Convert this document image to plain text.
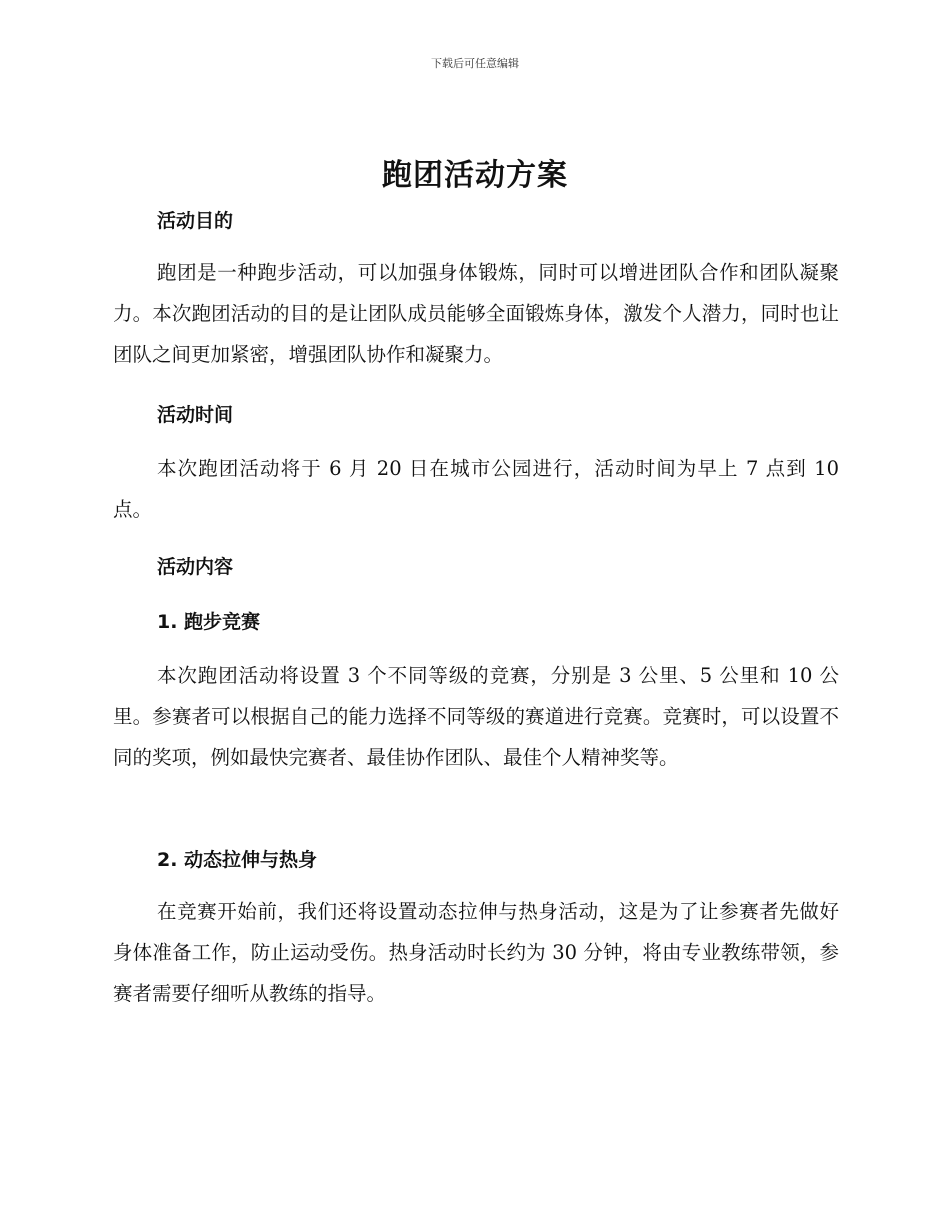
下载后可任意编辑
跑团活动方案
活动目的

跑团是一种跑步活动，可以加强身体锻炼，同时可以增进团队合作和团队凝聚力。本次跑团活动的目的是让团队成员能够全面锻炼身体，激发个人潜力，同时也让团队之间更加紧密，增强团队协作和凝聚力。

活动时间

本次跑团活动将于 6 月 20 日在城市公园进行，活动时间为早上 7 点到 10 点。

活动内容
1. 跑步竞赛

本次跑团活动将设置 3 个不同等级的竞赛，分别是 3 公里、5 公里和 10 公里。参赛者可以根据自己的能力选择不同等级的赛道进行竞赛。竞赛时，可以设置不同的奖项，例如最快完赛者、最佳协作团队、最佳个人精神奖等。

2. 动态拉伸与热身

在竞赛开始前，我们还将设置动态拉伸与热身活动，这是为了让参赛者先做好身体准备工作，防止运动受伤。热身活动时长约为 30 分钟，将由专业教练带领，参赛者需要仔细听从教练的指导。
